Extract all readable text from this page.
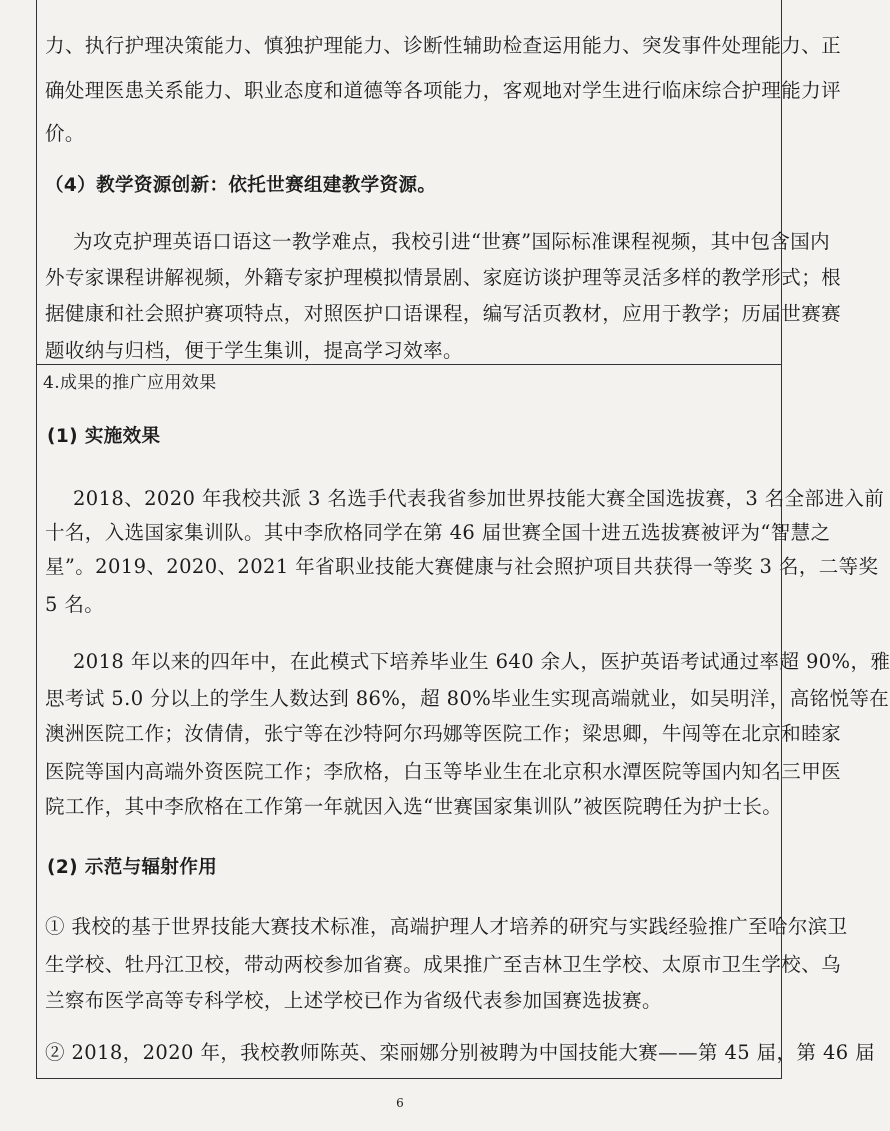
力、执行护理决策能力、慎独护理能力、诊断性辅助检查运用能力、突发事件处理能力、正
确处理医患关系能力、职业态度和道德等各项能力，客观地对学生进行临床综合护理能力评
价。
（4）教学资源创新：依托世赛组建教学资源。
为攻克护理英语口语这一教学难点，我校引进“世赛”国际标准课程视频，其中包含国内
外专家课程讲解视频，外籍专家护理模拟情景剧、家庭访谈护理等灵活多样的教学形式；根
据健康和社会照护赛项特点，对照医护口语课程，编写活页教材，应用于教学；历届世赛赛
题收纳与归档，便于学生集训，提高学习效率。
4.成果的推广应用效果
(1) 实施效果
2018、2020 年我校共派 3 名选手代表我省参加世界技能大赛全国选拔赛，3 名全部进入前
十名，入选国家集训队。其中李欣格同学在第 46 届世赛全国十进五选拔赛被评为“智慧之
星”。2019、2020、2021 年省职业技能大赛健康与社会照护项目共获得一等奖 3 名，二等奖
5 名。
2018 年以来的四年中，在此模式下培养毕业生 640 余人，医护英语考试通过率超 90%，雅
思考试 5.0 分以上的学生人数达到 86%，超 80%毕业生实现高端就业，如吴明洋，高铭悦等在
澳洲医院工作；汝倩倩，张宁等在沙特阿尔玛娜等医院工作；梁思卿，牛闯等在北京和睦家
医院等国内高端外资医院工作；李欣格，白玉等毕业生在北京积水潭医院等国内知名三甲医
院工作，其中李欣格在工作第一年就因入选“世赛国家集训队”被医院聘任为护士长。
(2) 示范与辐射作用
① 我校的基于世界技能大赛技术标准，高端护理人才培养的研究与实践经验推广至哈尔滨卫
生学校、牡丹江卫校，带动两校参加省赛。成果推广至吉林卫生学校、太原市卫生学校、乌
兰察布医学高等专科学校，上述学校已作为省级代表参加国赛选拔赛。
② 2018，2020 年，我校教师陈英、栾丽娜分别被聘为中国技能大赛——第 45 届，第 46 届
6
